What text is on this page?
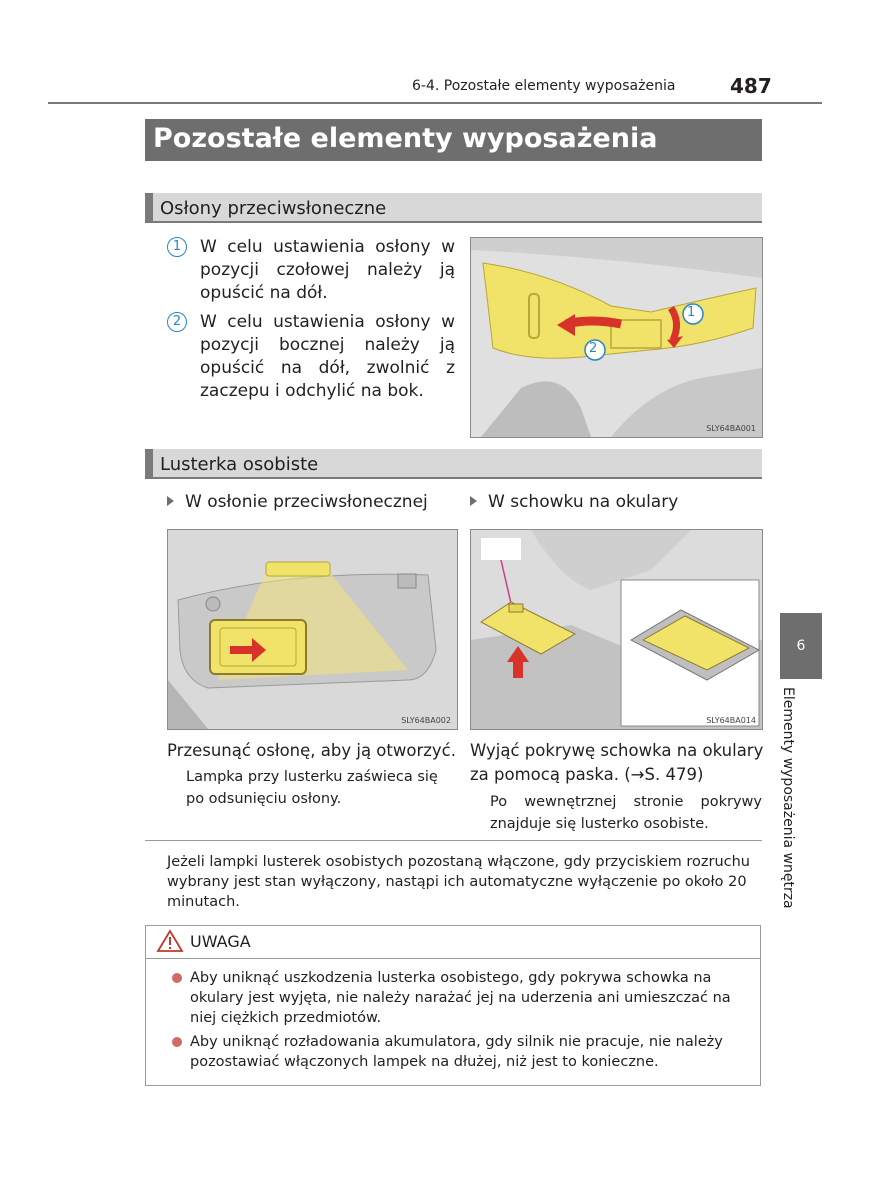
6-4. Pozostałe elementy wyposażenia	487
Pozostałe elementy wyposażenia
Osłony przeciwsłoneczne
1	W celu ustawienia osłony w pozycji czołowej należy ją opuścić na dół.
2	W celu ustawienia osłony w pozycji bocznej należy ją opuścić na dół, zwolnić z zaczepu i odchylić na bok.
1
2
SLY64BA001
Lusterka osobiste
W osłonie przeciwsłonecznej	W schowku na okulary
SLY64BA002	SLY64BA014
Przesunąć osłonę, aby ją otworzyć.
Lampka przy lusterku zaświeca się po odsunięciu osłony.
Wyjąć pokrywę schowka na okulary
za pomocą paska. (→S. 479)
Po wewnętrznej stronie pokrywy znajduje się lusterko osobiste.
Jeżeli lampki lusterek osobistych pozostaną włączone, gdy przyciskiem rozruchu wybrany jest stan wyłączony, nastąpi ich automatyczne wyłączenie po około 20 minutach.
UWAGA
Aby uniknąć uszkodzenia lusterka osobistego, gdy pokrywa schowka na okulary jest wyjęta, nie należy narażać jej na uderzenia ani umieszczać na niej ciężkich przedmiotów.
Aby uniknąć rozładowania akumulatora, gdy silnik nie pracuje, nie należy pozostawiać włączonych lampek na dłużej, niż jest to konieczne.
6
Elementy wyposażenia wnętrza
